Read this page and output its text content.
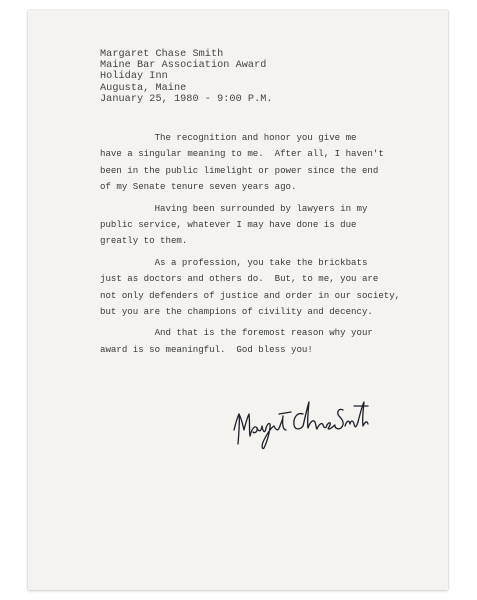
Margaret Chase Smith
Maine Bar Association Award
Holiday Inn
Augusta, Maine
January 25, 1980 - 9:00 P.M.
The recognition and honor you give me
have a singular meaning to me.  After all, I haven't
been in the public limelight or power since the end
of my Senate tenure seven years ago.
Having been surrounded by lawyers in my
public service, whatever I may have done is due
greatly to them.
As a profession, you take the brickbats
just as doctors and others do.  But, to me, you are
not only defenders of justice and order in our society,
but you are the champions of civility and decency.
And that is the foremost reason why your
award is so meaningful.  God bless you!
